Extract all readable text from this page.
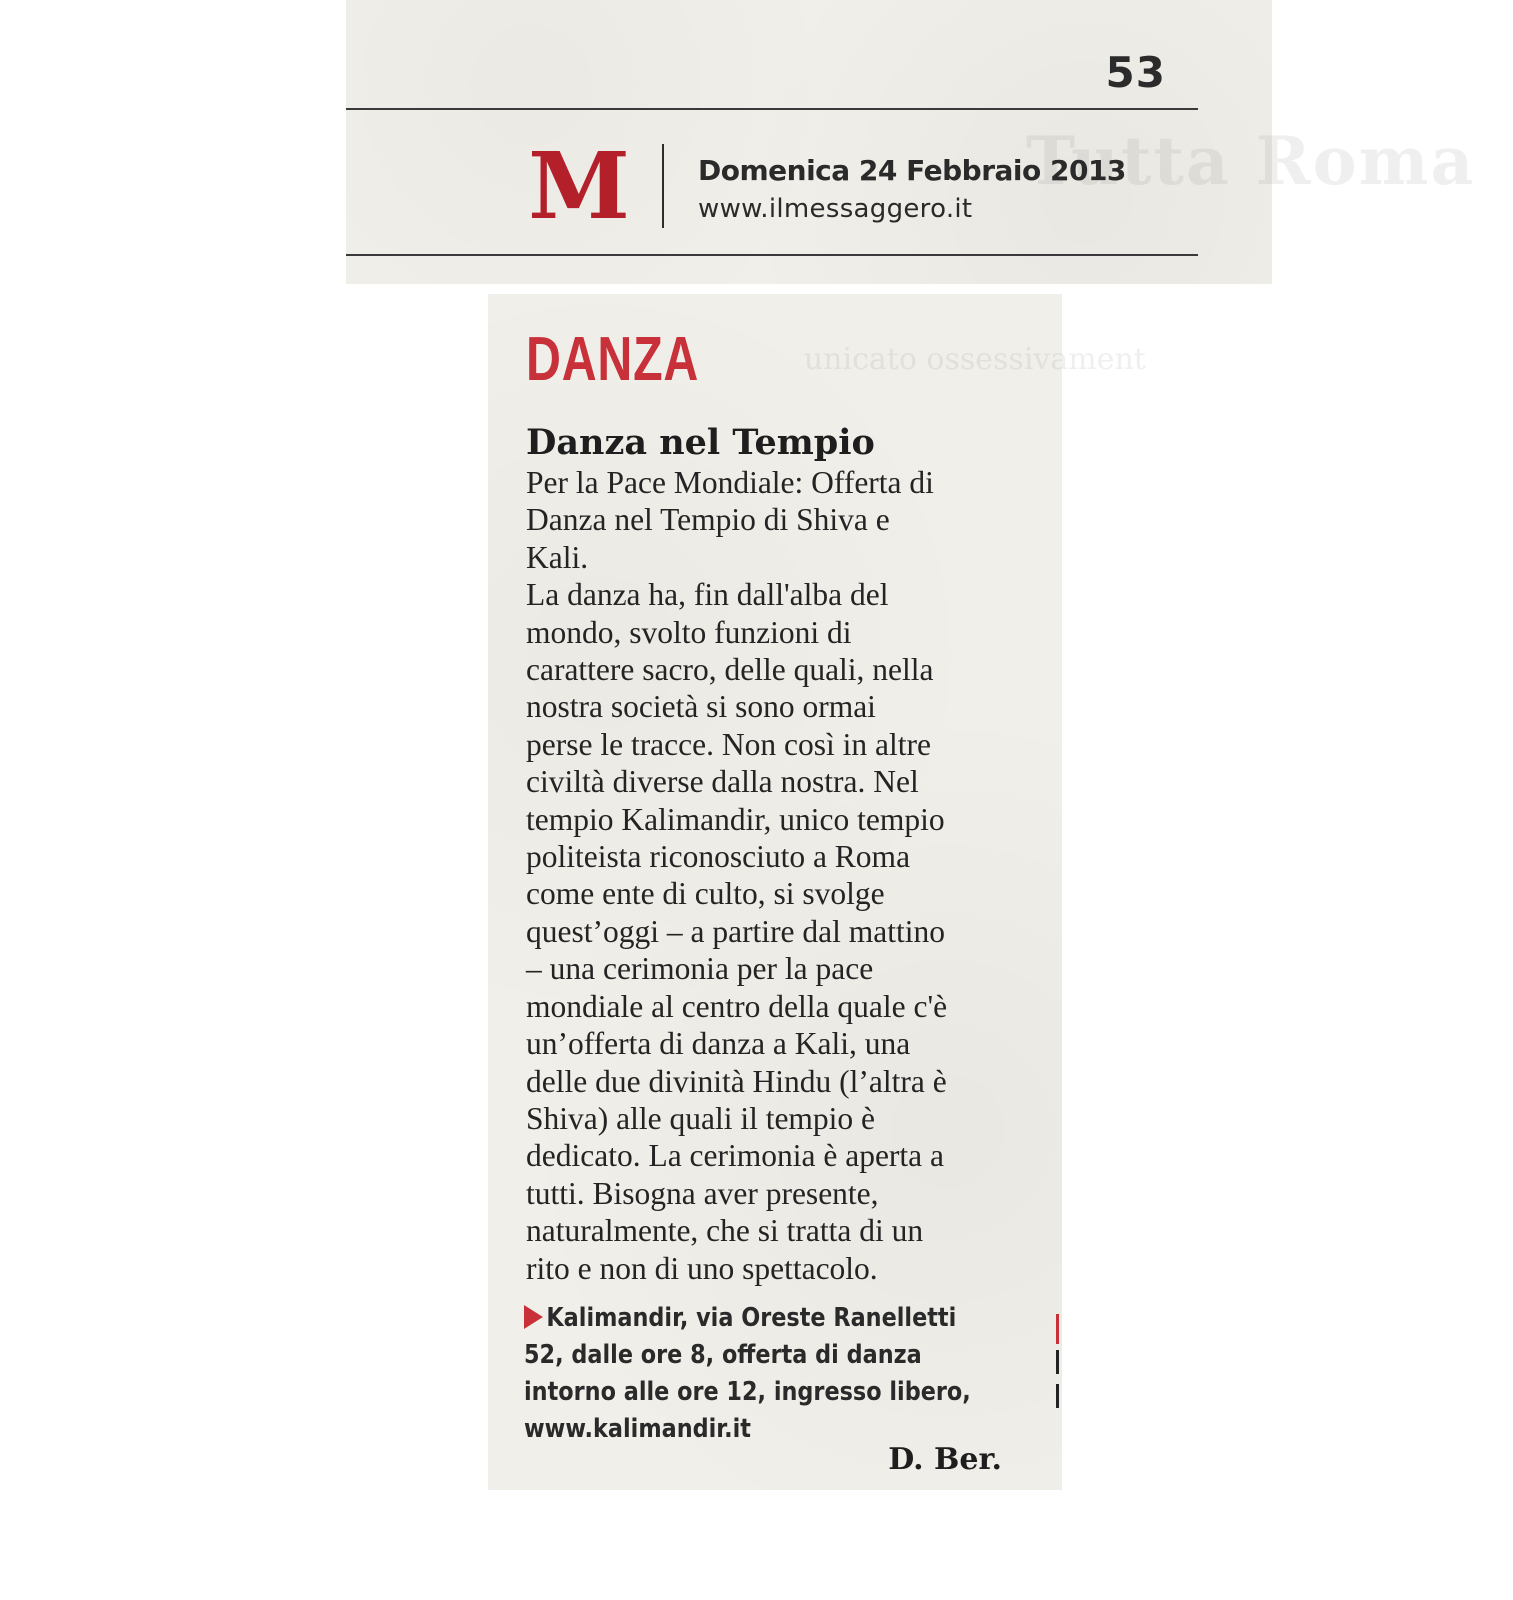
Tutta Roma
53
M Domenica 24 Febbraio 2013
www.ilmessaggero.it

unicato ossessivament

DANZA
Danza nel Tempio
Per la Pace Mondiale: Offerta di
Danza nel Tempio di Shiva e
Kali.
La danza ha, fin dall'alba del
mondo, svolto funzioni di
carattere sacro, delle quali, nella
nostra società si sono ormai
perse le tracce. Non così in altre
civiltà diverse dalla nostra. Nel
tempio Kalimandir, unico tempio
politeista riconosciuto a Roma
come ente di culto, si svolge
quest’oggi – a partire dal mattino
– una cerimonia per la pace
mondiale al centro della quale c'è
un’offerta di danza a Kali, una
delle due divinità Hindu (l’altra è
Shiva) alle quali il tempio è
dedicato. La cerimonia è aperta a
tutti. Bisogna aver presente,
naturalmente, che si tratta di un
rito e non di uno spettacolo.
Kalimandir, via Oreste Ranelletti
52, dalle ore 8, offerta di danza
intorno alle ore 12, ingresso libero,
www.kalimandir.it
D. Ber.
